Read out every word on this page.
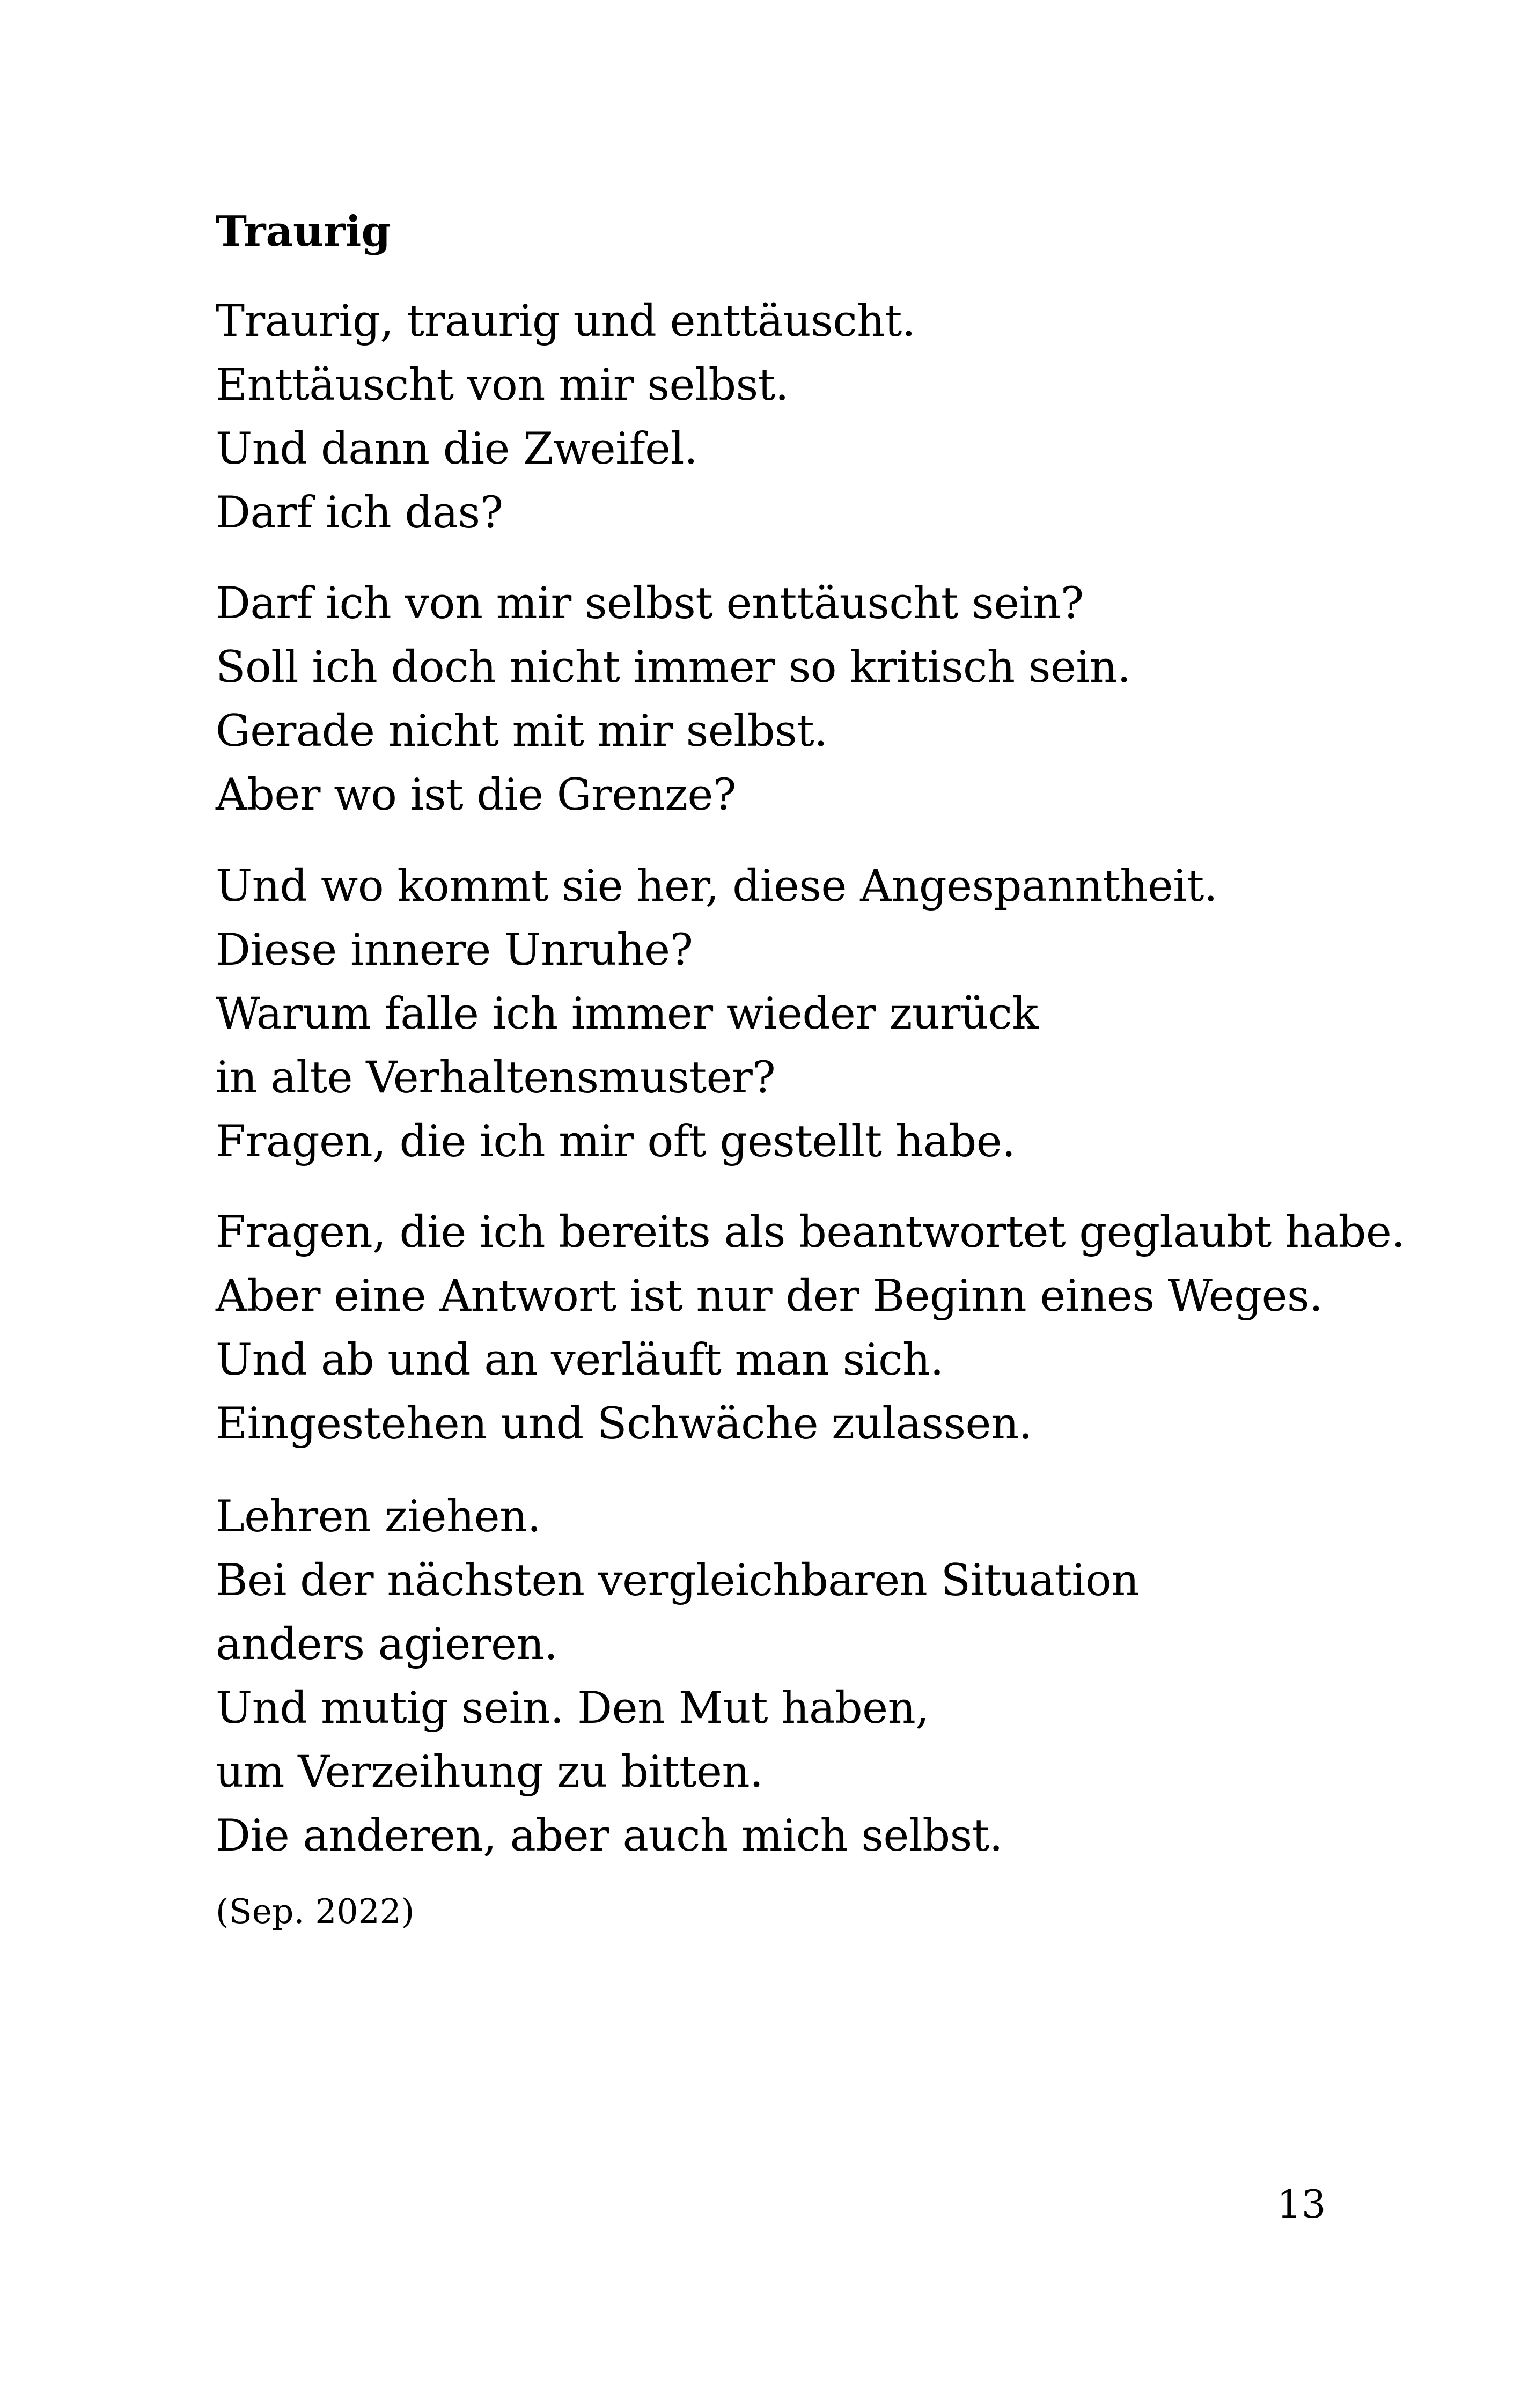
Traurig
Traurig, traurig und enttäuscht.
Enttäuscht von mir selbst.
Und dann die Zweifel.
Darf ich das?
Darf ich von mir selbst enttäuscht sein?
Soll ich doch nicht immer so kritisch sein.
Gerade nicht mit mir selbst.
Aber wo ist die Grenze?
Und wo kommt sie her, diese Angespanntheit.
Diese innere Unruhe?
Warum falle ich immer wieder zurück
in alte Verhaltensmuster?
Fragen, die ich mir oft gestellt habe.
Fragen, die ich bereits als beantwortet geglaubt habe.
Aber eine Antwort ist nur der Beginn eines Weges.
Und ab und an verläuft man sich.
Eingestehen und Schwäche zulassen.
Lehren ziehen.
Bei der nächsten vergleichbaren Situation
anders agieren.
Und mutig sein. Den Mut haben,
um Verzeihung zu bitten.
Die anderen, aber auch mich selbst.
(Sep. 2022)
13
